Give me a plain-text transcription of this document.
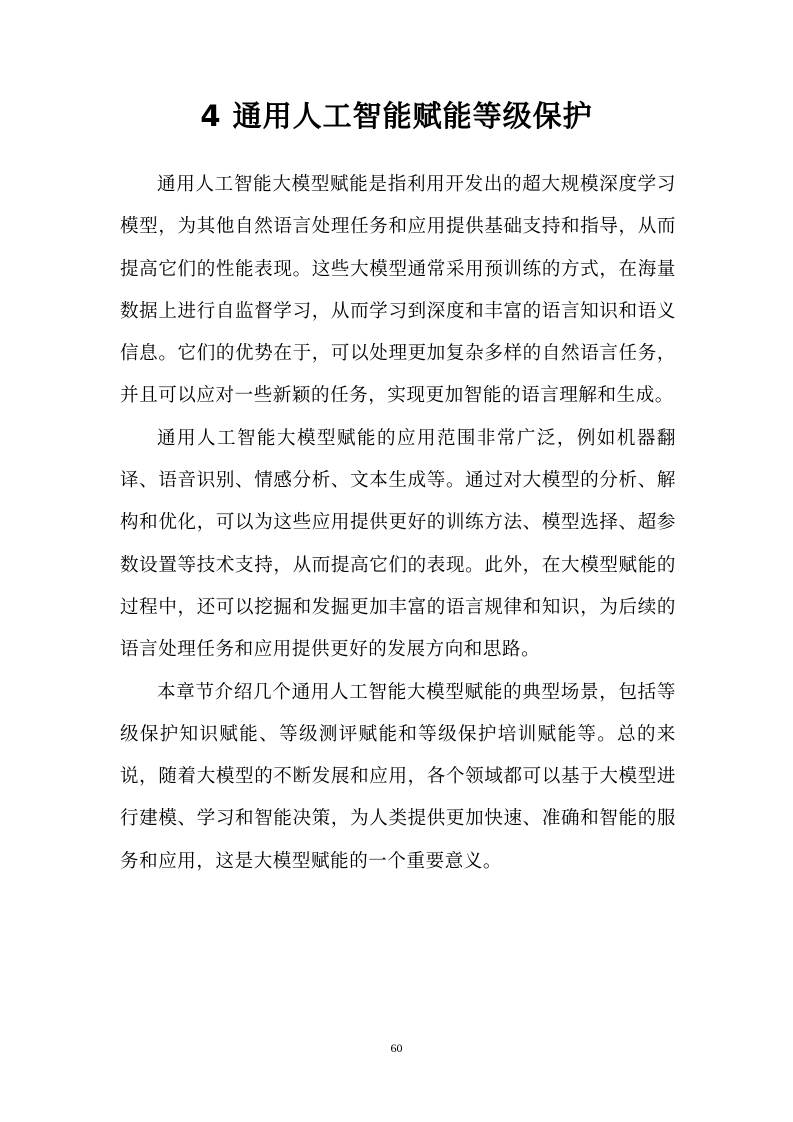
4 通用人工智能赋能等级保护

通用人工智能大模型赋能是指利用开发出的超大规模深度学习模型，为其他自然语言处理任务和应用提供基础支持和指导，从而提高它们的性能表现。这些大模型通常采用预训练的方式，在海量数据上进行自监督学习，从而学习到深度和丰富的语言知识和语义信息。它们的优势在于，可以处理更加复杂多样的自然语言任务，并且可以应对一些新颖的任务，实现更加智能的语言理解和生成。

通用人工智能大模型赋能的应用范围非常广泛，例如机器翻译、语音识别、情感分析、文本生成等。通过对大模型的分析、解构和优化，可以为这些应用提供更好的训练方法、模型选择、超参数设置等技术支持，从而提高它们的表现。此外，在大模型赋能的过程中，还可以挖掘和发掘更加丰富的语言规律和知识，为后续的语言处理任务和应用提供更好的发展方向和思路。

本章节介绍几个通用人工智能大模型赋能的典型场景，包括等级保护知识赋能、等级测评赋能和等级保护培训赋能等。总的来说，随着大模型的不断发展和应用，各个领域都可以基于大模型进行建模、学习和智能决策，为人类提供更加快速、准确和智能的服务和应用，这是大模型赋能的一个重要意义。

60
